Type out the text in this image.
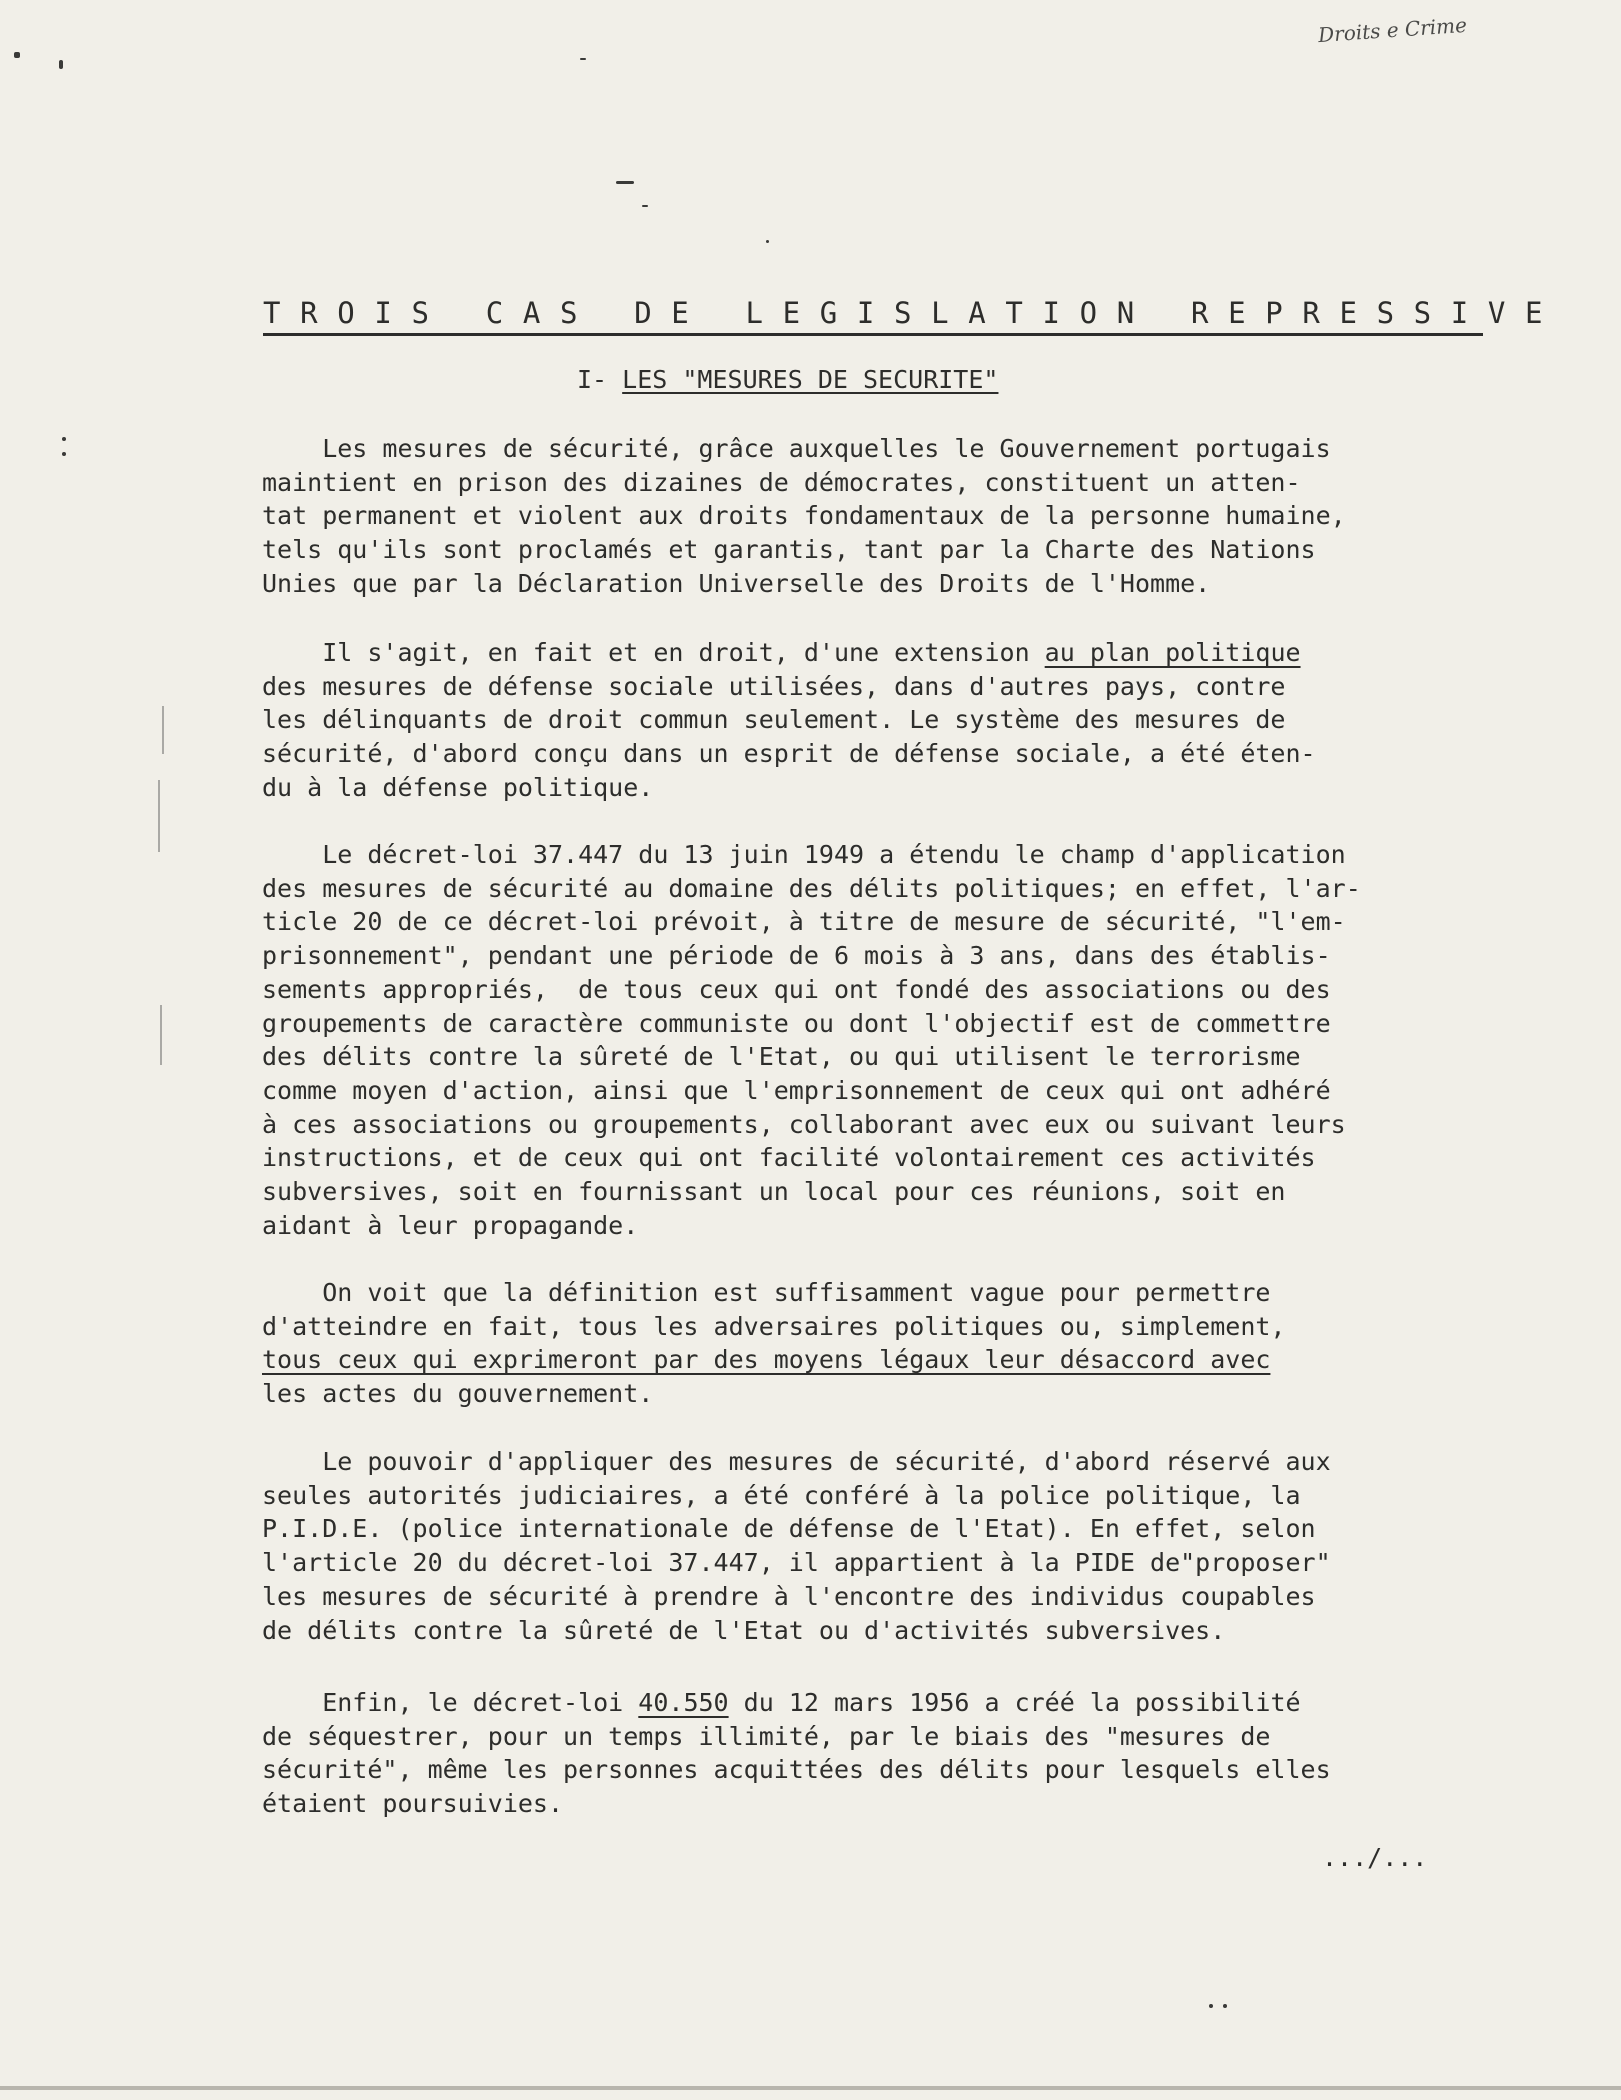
Droits e Crime
T R O I S   C A S   D E   L E G I S L A T I O N   R E P R E S S I V E
I- LES "MESURES DE SECURITE"
Les mesures de sécurité, grâce auxquelles le Gouvernement portugais
maintient en prison des dizaines de démocrates, constituent un atten-
tat permanent et violent aux droits fondamentaux de la personne humaine,
tels qu'ils sont proclamés et garantis, tant par la Charte des Nations
Unies que par la Déclaration Universelle des Droits de l'Homme.
Il s'agit, en fait et en droit, d'une extension au plan politique
des mesures de défense sociale utilisées, dans d'autres pays, contre
les délinquants de droit commun seulement. Le système des mesures de
sécurité, d'abord conçu dans un esprit de défense sociale, a été éten-
du à la défense politique.
Le décret-loi 37.447 du 13 juin 1949 a étendu le champ d'application
des mesures de sécurité au domaine des délits politiques; en effet, l'ar-
ticle 20 de ce décret-loi prévoit, à titre de mesure de sécurité, "l'em-
prisonnement", pendant une période de 6 mois à 3 ans, dans des établis-
sements appropriés,  de tous ceux qui ont fondé des associations ou des
groupements de caractère communiste ou dont l'objectif est de commettre
des délits contre la sûreté de l'Etat, ou qui utilisent le terrorisme
comme moyen d'action, ainsi que l'emprisonnement de ceux qui ont adhéré
à ces associations ou groupements, collaborant avec eux ou suivant leurs
instructions, et de ceux qui ont facilité volontairement ces activités
subversives, soit en fournissant un local pour ces réunions, soit en
aidant à leur propagande.
On voit que la définition est suffisamment vague pour permettre
d'atteindre en fait, tous les adversaires politiques ou, simplement,
tous ceux qui exprimeront par des moyens légaux leur désaccord avec
les actes du gouvernement.
Le pouvoir d'appliquer des mesures de sécurité, d'abord réservé aux
seules autorités judiciaires, a été conféré à la police politique, la
P.I.D.E. (police internationale de défense de l'Etat). En effet, selon
l'article 20 du décret-loi 37.447, il appartient à la PIDE de"proposer"
les mesures de sécurité à prendre à l'encontre des individus coupables
de délits contre la sûreté de l'Etat ou d'activités subversives.
Enfin, le décret-loi 40.550 du 12 mars 1956 a créé la possibilité
de séquestrer, pour un temps illimité, par le biais des "mesures de
sécurité", même les personnes acquittées des délits pour lesquels elles
étaient poursuivies.
.../...
